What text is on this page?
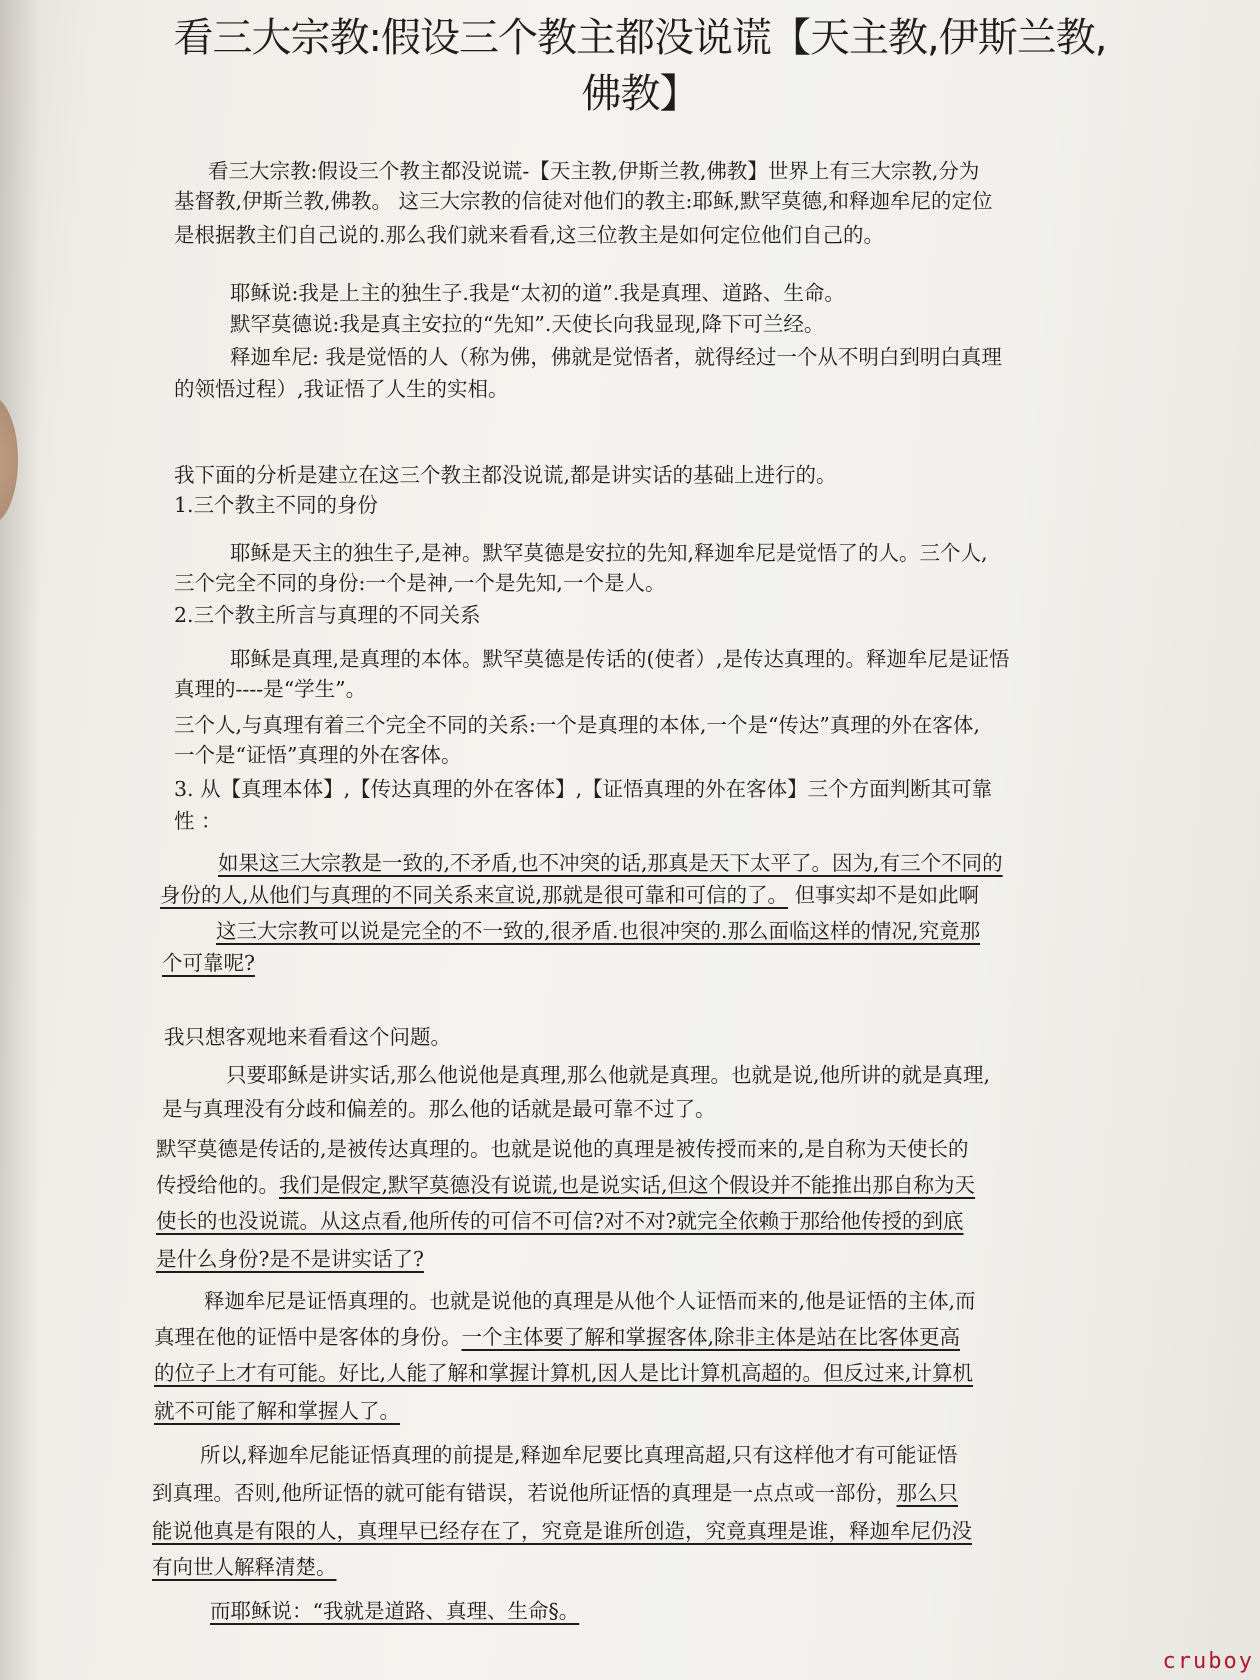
看三大宗教:假设三个教主都没说谎【天主教,伊斯兰教,
佛教】
看三大宗教:假设三个教主都没说谎-【天主教,伊斯兰教,佛教】世界上有三大宗教,分为
基督教,伊斯兰教,佛教。 这三大宗教的信徒对他们的教主:耶稣,默罕莫德,和释迦牟尼的定位
是根据教主们自己说的.那么我们就来看看,这三位教主是如何定位他们自己的。
耶稣说:我是上主的独生子.我是“太初的道”.我是真理、道路、生命。
默罕莫德说:我是真主安拉的“先知”.天使长向我显现,降下可兰经。
释迦牟尼: 我是觉悟的人（称为佛，佛就是觉悟者，就得经过一个从不明白到明白真理
的领悟过程）,我证悟了人生的实相。
我下面的分析是建立在这三个教主都没说谎,都是讲实话的基础上进行的。
1.三个教主不同的身份
耶稣是天主的独生子,是神。默罕莫德是安拉的先知,释迦牟尼是觉悟了的人。三个人,
三个完全不同的身份:一个是神,一个是先知,一个是人。
2.三个教主所言与真理的不同关系
耶稣是真理,是真理的本体。默罕莫德是传话的(使者）,是传达真理的。释迦牟尼是证悟
真理的----是“学生”。
三个人,与真理有着三个完全不同的关系:一个是真理的本体,一个是“传达”真理的外在客体,
一个是“证悟”真理的外在客体。
3. 从【真理本体】,【传达真理的外在客体】,【证悟真理的外在客体】三个方面判断其可靠
性 ：
如果这三大宗教是一致的,不矛盾,也不冲突的话,那真是天下太平了。因为,有三个不同的
身份的人,从他们与真理的不同关系来宣说,那就是很可靠和可信的了。 但事实却不是如此啊
这三大宗教可以说是完全的不一致的,很矛盾.也很冲突的.那么面临这样的情况,究竟那
个可靠呢?
我只想客观地来看看这个问题。
只要耶稣是讲实话,那么他说他是真理,那么他就是真理。也就是说,他所讲的就是真理,
是与真理没有分歧和偏差的。那么他的话就是最可靠不过了。
默罕莫德是传话的,是被传达真理的。也就是说他的真理是被传授而来的,是自称为天使长的
传授给他的。我们是假定,默罕莫德没有说谎,也是说实话,但这个假设并不能推出那自称为天
使长的也没说谎。从这点看,他所传的可信不可信?对不对?就完全依赖于那给他传授的到底
是什么身份?是不是讲实话了?
释迦牟尼是证悟真理的。也就是说他的真理是从他个人证悟而来的,他是证悟的主体,而
真理在他的证悟中是客体的身份。一个主体要了解和掌握客体,除非主体是站在比客体更高
的位子上才有可能。好比,人能了解和掌握计算机,因人是比计算机高超的。但反过来,计算机
就不可能了解和掌握人了。
所以,释迦牟尼能证悟真理的前提是,释迦牟尼要比真理高超,只有这样他才有可能证悟
到真理。否则,他所证悟的就可能有错误，若说他所证悟的真理是一点点或一部份，那么只
能说他真是有限的人，真理早已经存在了，究竟是谁所创造，究竟真理是谁，释迦牟尼仍没
有向世人解释清楚。
而耶稣说：“我就是道路、真理、生命§。
cruboy
